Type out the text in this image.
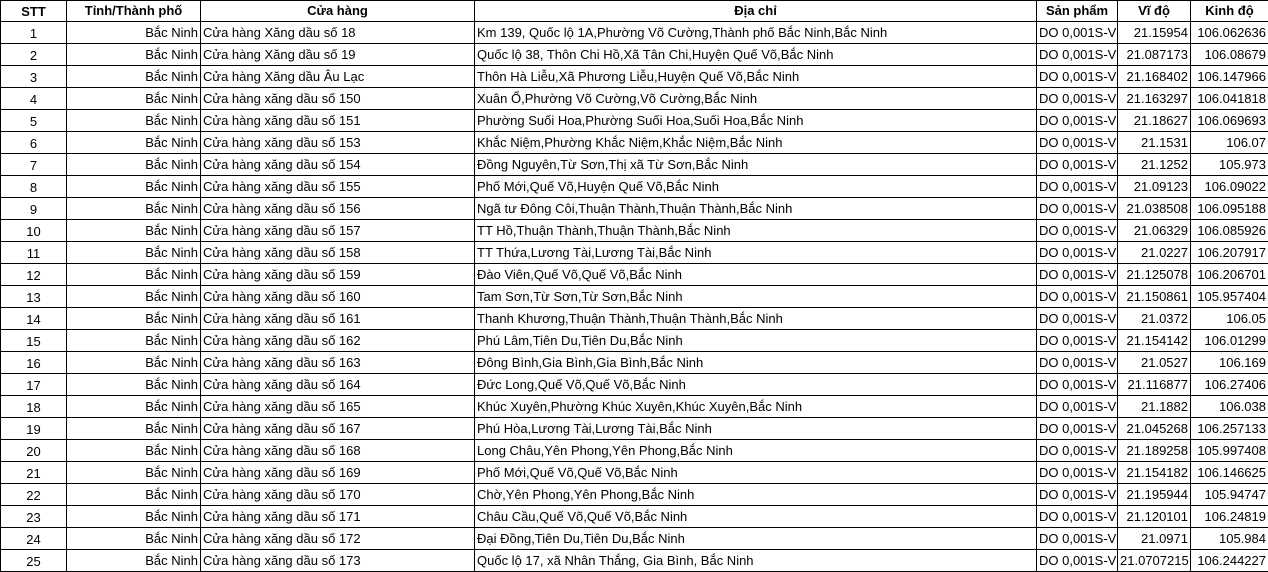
STT	Tỉnh/Thành phố	Cửa hàng	Địa chỉ	Sản phẩm	Vĩ độ	Kinh độ
1	Bắc Ninh	Cửa hàng Xăng dầu số 18	Km 139, Quốc lộ 1A,Phường Võ Cường,Thành phố Bắc Ninh,Bắc Ninh	DO 0,001S-V	21.15954	106.062636
2	Bắc Ninh	Cửa hàng Xăng dầu số 19	Quốc lộ 38, Thôn Chi Hồ,Xã Tân Chi,Huyện Quế Võ,Bắc Ninh	DO 0,001S-V	21.087173	106.08679
3	Bắc Ninh	Cửa hàng Xăng dầu Âu Lạc	Thôn Hà Liễu,Xã Phương Liễu,Huyện Quế Võ,Bắc Ninh	DO 0,001S-V	21.168402	106.147966
4	Bắc Ninh	Cửa hàng xăng dầu số 150	Xuân Ổ,Phường Võ Cường,Võ Cường,Bắc Ninh	DO 0,001S-V	21.163297	106.041818
5	Bắc Ninh	Cửa hàng xăng dầu số 151	Phường Suối Hoa,Phường Suối Hoa,Suối Hoa,Bắc Ninh	DO 0,001S-V	21.18627	106.069693
6	Bắc Ninh	Cửa hàng xăng dầu số 153	Khắc Niệm,Phường Khắc Niệm,Khắc Niệm,Bắc Ninh	DO 0,001S-V	21.1531	106.07
7	Bắc Ninh	Cửa hàng xăng dầu số 154	Đồng Nguyên,Từ Sơn,Thị xã Từ Sơn,Bắc Ninh	DO 0,001S-V	21.1252	105.973
8	Bắc Ninh	Cửa hàng xăng dầu số 155	Phố Mới,Quế Võ,Huyện Quế Võ,Bắc Ninh	DO 0,001S-V	21.09123	106.09022
9	Bắc Ninh	Cửa hàng xăng dầu số 156	Ngã tư Đông Côi,Thuận Thành,Thuận Thành,Bắc Ninh	DO 0,001S-V	21.038508	106.095188
10	Bắc Ninh	Cửa hàng xăng dầu số 157	TT Hồ,Thuận Thành,Thuận Thành,Bắc Ninh	DO 0,001S-V	21.06329	106.085926
11	Bắc Ninh	Cửa hàng xăng dầu số 158	TT Thứa,Lương Tài,Lương Tài,Bắc Ninh	DO 0,001S-V	21.0227	106.207917
12	Bắc Ninh	Cửa hàng xăng dầu số 159	Đào Viên,Quế Võ,Quế Võ,Bắc Ninh	DO 0,001S-V	21.125078	106.206701
13	Bắc Ninh	Cửa hàng xăng dầu số 160	Tam Sơn,Từ Sơn,Từ Sơn,Bắc Ninh	DO 0,001S-V	21.150861	105.957404
14	Bắc Ninh	Cửa hàng xăng dầu số 161	Thanh Khương,Thuận Thành,Thuận Thành,Bắc Ninh	DO 0,001S-V	21.0372	106.05
15	Bắc Ninh	Cửa hàng xăng dầu số 162	Phú Lâm,Tiên Du,Tiên Du,Bắc Ninh	DO 0,001S-V	21.154142	106.01299
16	Bắc Ninh	Cửa hàng xăng dầu số 163	Đông Bình,Gia Bình,Gia Bình,Bắc Ninh	DO 0,001S-V	21.0527	106.169
17	Bắc Ninh	Cửa hàng xăng dầu số 164	Đức Long,Quế Võ,Quế Võ,Bắc Ninh	DO 0,001S-V	21.116877	106.27406
18	Bắc Ninh	Cửa hàng xăng dầu số 165	Khúc Xuyên,Phường Khúc Xuyên,Khúc Xuyên,Bắc Ninh	DO 0,001S-V	21.1882	106.038
19	Bắc Ninh	Cửa hàng xăng dầu số 167	Phú Hòa,Lương Tài,Lương Tài,Bắc Ninh	DO 0,001S-V	21.045268	106.257133
20	Bắc Ninh	Cửa hàng xăng dầu số 168	Long Châu,Yên Phong,Yên Phong,Bắc Ninh	DO 0,001S-V	21.189258	105.997408
21	Bắc Ninh	Cửa hàng xăng dầu số 169	Phố Mới,Quế Võ,Quế Võ,Bắc Ninh	DO 0,001S-V	21.154182	106.146625
22	Bắc Ninh	Cửa hàng xăng dầu số 170	Chờ,Yên Phong,Yên Phong,Bắc Ninh	DO 0,001S-V	21.195944	105.94747
23	Bắc Ninh	Cửa hàng xăng dầu số 171	Châu Cầu,Quế Võ,Quế Võ,Bắc Ninh	DO 0,001S-V	21.120101	106.24819
24	Bắc Ninh	Cửa hàng xăng dầu số 172	Đại Đồng,Tiên Du,Tiên Du,Bắc Ninh	DO 0,001S-V	21.0971	105.984
25	Bắc Ninh	Cửa hàng xăng dầu số 173	Quốc lộ 17, xã Nhân Thắng, Gia Bình, Bắc Ninh	DO 0,001S-V	21.0707215	106.244227
